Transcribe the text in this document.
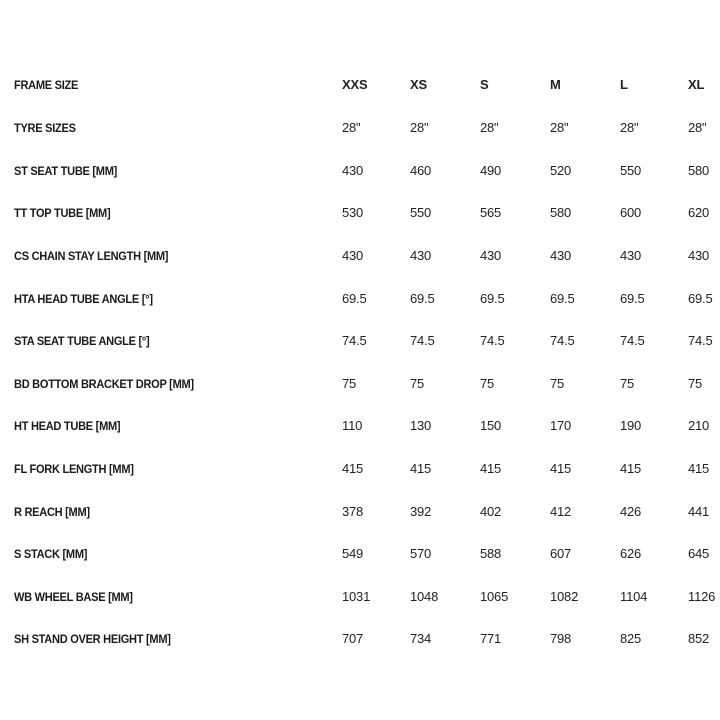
FRAME SIZE	XXS	XS	S	M	L	XL
TYRE SIZES	28"	28"	28"	28"	28"	28"
ST SEAT TUBE [MM]	430	460	490	520	550	580
TT TOP TUBE [MM]	530	550	565	580	600	620
CS CHAIN STAY LENGTH [MM]	430	430	430	430	430	430
HTA HEAD TUBE ANGLE [°]	69.5	69.5	69.5	69.5	69.5	69.5
STA SEAT TUBE ANGLE [°]	74.5	74.5	74.5	74.5	74.5	74.5
BD BOTTOM BRACKET DROP [MM]	75	75	75	75	75	75
HT HEAD TUBE [MM]	110	130	150	170	190	210
FL FORK LENGTH [MM]	415	415	415	415	415	415
R REACH [MM]	378	392	402	412	426	441
S STACK [MM]	549	570	588	607	626	645
WB WHEEL BASE [MM]	1031	1048	1065	1082	1104	1126
SH STAND OVER HEIGHT [MM]	707	734	771	798	825	852
